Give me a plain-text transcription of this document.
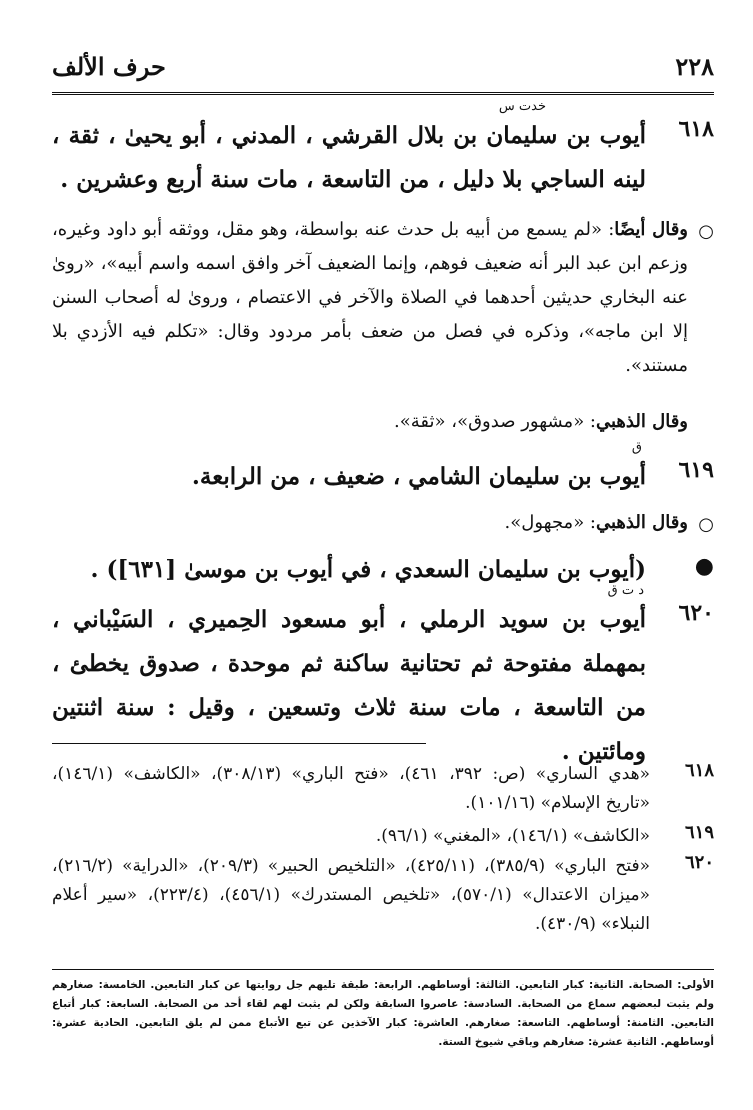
٢٢٨
حرف الألف
٦١٨
خدت س

أيوب بن سليمان بن بلال القرشي ، المدني ، أبو يحيىٰ ، ثقة ، لينه الساجي بلا دليل ، من التاسعة ، مات سنة أربع وعشرين .

○

وقال أيضًا: «لم يسمع من أبيه بل حدث عنه بواسطة، وهو مقل، ووثقه أبو داود وغيره، وزعم ابن عبد البر أنه ضعيف فوهم، وإنما الضعيف آخر وافق اسمه واسم أبيه»، «رویٰ عنه البخاري حديثين أحدهما في الصلاة والآخر في الاعتصام ، وروىٰ له أصحاب السنن إلا ابن ماجه»، وذكره في فصل من ضعف بأمر مردود وقال: «تكلم فيه الأزدي بلا مستند».

وقال الذهبي: «مشهور صدوق»، «ثقة».

٦١٩
ق

أيوب بن سليمان الشامي ، ضعيف ، من الرابعة.

○

وقال الذهبي: «مجهول».

●

(أيوب بن سليمان السعدي ، في أيوب بن موسىٰ [٦٣١]) .

٦٢٠
د ت ق

أيوب بن سويد الرملي ، أبو مسعود الحِميري ، السَيْباني ، بمهملة مفتوحة ثم تحتانية ساكنة ثم موحدة ، صدوق يخطئ ، من التاسعة ، مات سنة ثلاث وتسعين ، وقيل : سنة اثنتين ومائتين .

٦١٨

«هدي الساري» (ص: ٣٩٢، ٤٦١)، «فتح الباري» (٣٠٨/١٣)، «الكاشف» (١٤٦/١)، «تاريخ الإسلام» (١٠١/١٦).

٦١٩

«الكاشف» (١٤٦/١)، «المغني» (٩٦/١).

٦٢٠

«فتح الباري» (٣٨٥/٩)، (٤٢٥/١١)، «التلخيص الحبير» (٢٠٩/٣)، «الدراية» (٢١٦/٢)، «ميزان الاعتدال» (٥٧٠/١)، «تلخيص المستدرك» (٤٥٦/١)، (٢٢٣/٤)، «سير أعلام النبلاء» (٤٣٠/٩).

الأولى: الصحابة. الثانية: كبار التابعين. الثالثة: أوساطهم. الرابعة: طبقة تليهم جل روايتها عن كبار التابعين. الخامسة: صغارهم ولم يثبت لبعضهم سماع من الصحابة. السادسة: عاصروا السابقة ولكن لم يثبت لهم لقاء أحد من الصحابة. السابعة: كبار أتباع التابعين. الثامنة: أوساطهم. التاسعة: صغارهم. العاشرة: كبار الآخذين عن تبع الأتباع ممن لم يلق التابعين. الحادية عشرة: أوساطهم. الثانية عشرة: صغارهم وباقي شيوخ الستة.
